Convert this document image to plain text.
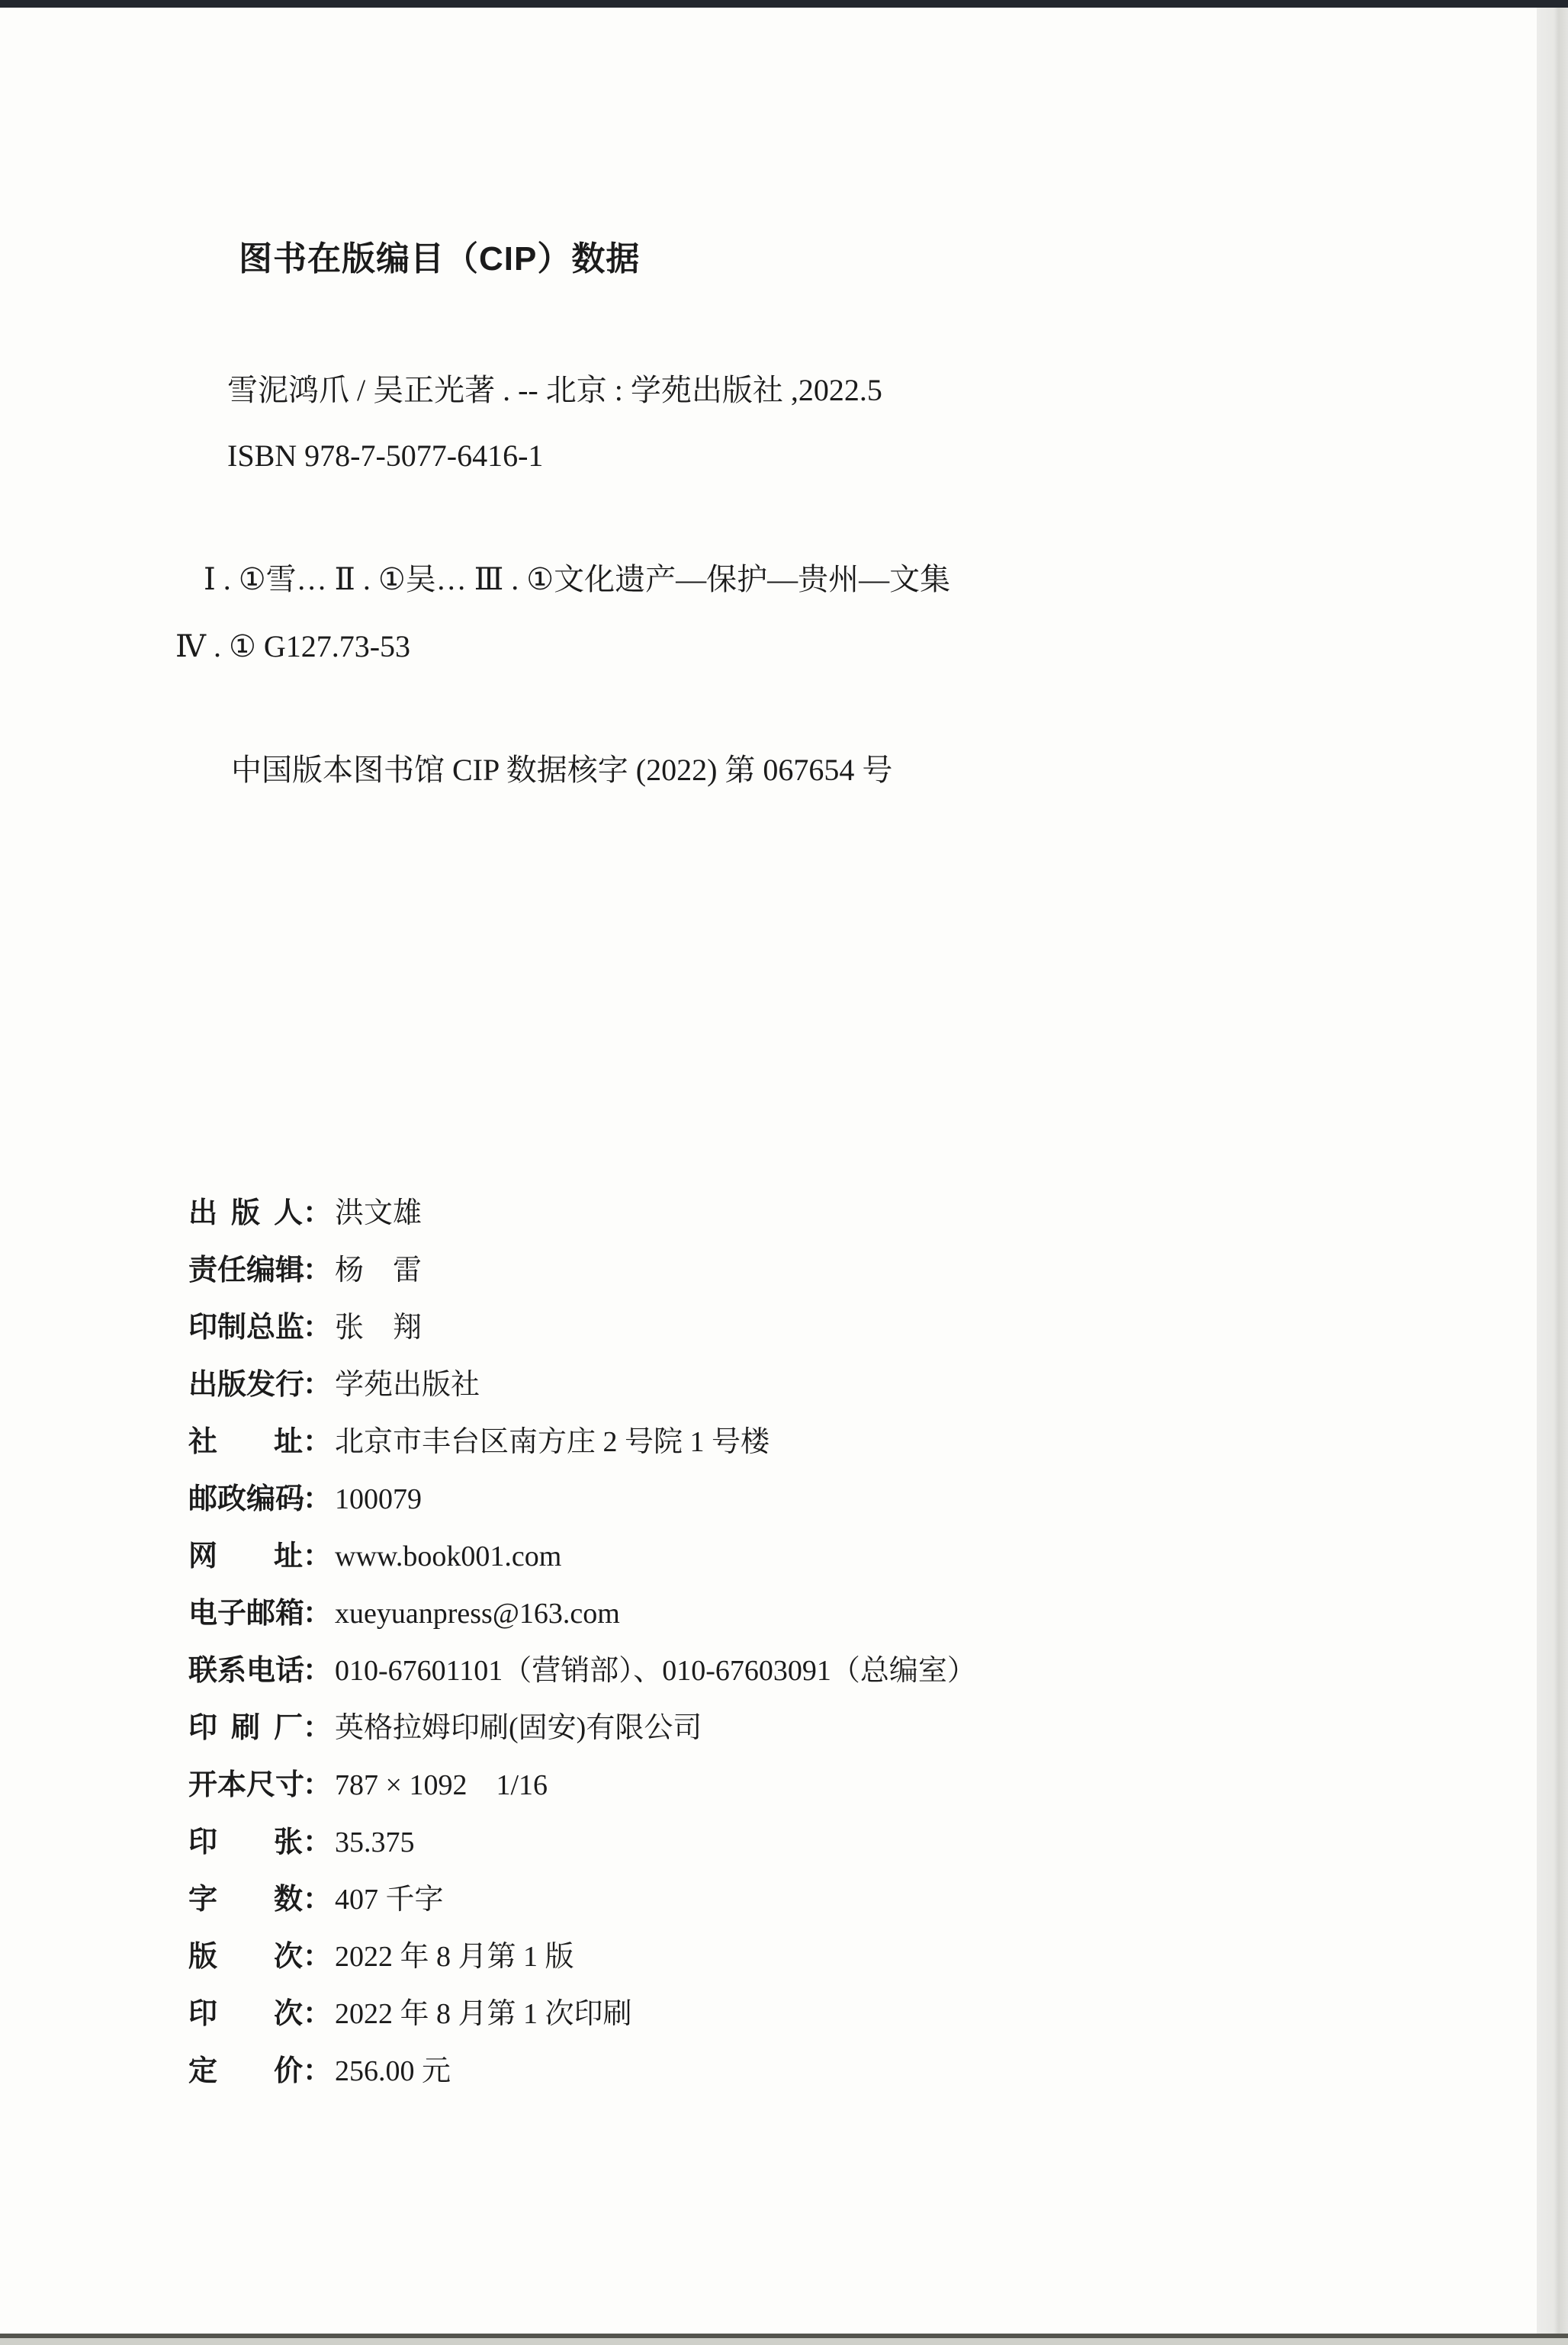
图书在版编目（CIP）数据
雪泥鸿爪 / 吴正光著 . -- 北京 : 学苑出版社 ,2022.5
ISBN 978-7-5077-6416-1
Ⅰ . ①雪… Ⅱ . ①吴… Ⅲ . ①文化遗产—保护—贵州—文集
Ⅳ . ① G127.73-53
中国版本图书馆 CIP 数据核字 (2022) 第 067654 号
出版人： 洪文雄
责任编辑： 杨　雷
印制总监： 张　翔
出版发行： 学苑出版社
社址： 北京市丰台区南方庄 2 号院 1 号楼
邮政编码： 100079
网址： www.book001.com
电子邮箱： xueyuanpress@163.com
联系电话： 010-67601101（营销部）、010-67603091（总编室）
印刷厂： 英格拉姆印刷(固安)有限公司
开本尺寸： 787 × 1092　1/16
印张： 35.375
字数： 407 千字
版次： 2022 年 8 月第 1 版
印次： 2022 年 8 月第 1 次印刷
定价： 256.00 元
